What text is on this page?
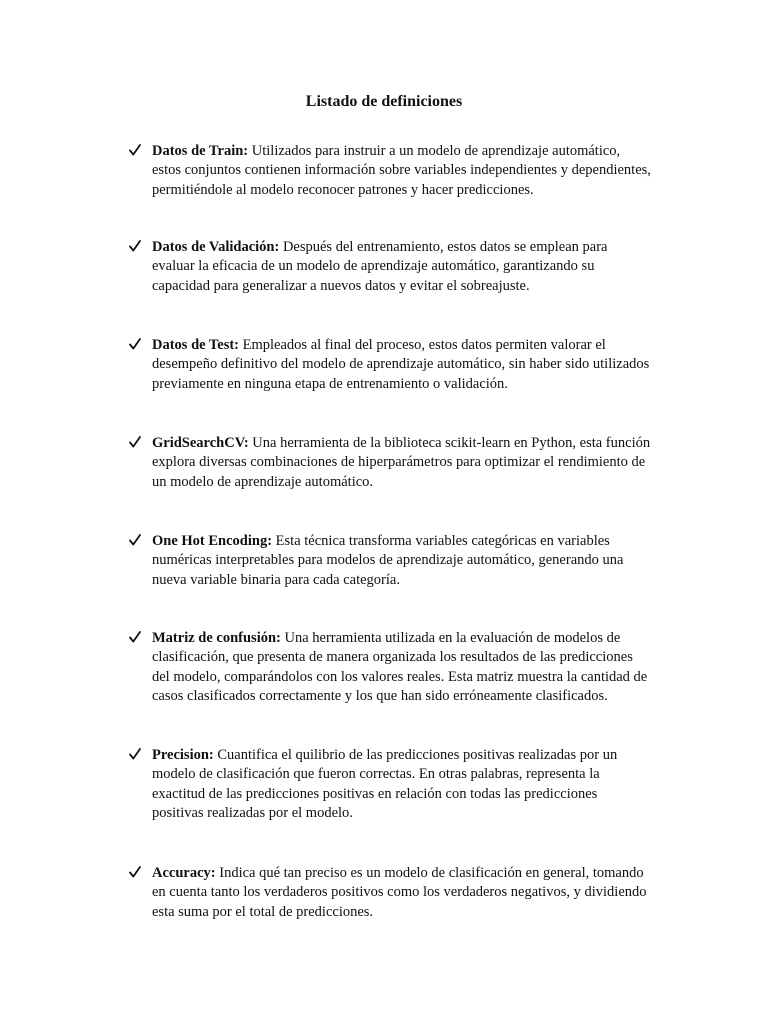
Listado de definiciones
Datos de Train: Utilizados para instruir a un modelo de aprendizaje automático, estos conjuntos contienen información sobre variables independientes y dependientes, permitiéndole al modelo reconocer patrones y hacer predicciones.
Datos de Validación: Después del entrenamiento, estos datos se emplean para evaluar la eficacia de un modelo de aprendizaje automático, garantizando su capacidad para generalizar a nuevos datos y evitar el sobreajuste.
Datos de Test: Empleados al final del proceso, estos datos permiten valorar el desempeño definitivo del modelo de aprendizaje automático, sin haber sido utilizados previamente en ninguna etapa de entrenamiento o validación.
GridSearchCV: Una herramienta de la biblioteca scikit-learn en Python, esta función explora diversas combinaciones de hiperparámetros para optimizar el rendimiento de un modelo de aprendizaje automático.
One Hot Encoding: Esta técnica transforma variables categóricas en variables numéricas interpretables para modelos de aprendizaje automático, generando una nueva variable binaria para cada categoría.
Matriz de confusión: Una herramienta utilizada en la evaluación de modelos de clasificación, que presenta de manera organizada los resultados de las predicciones del modelo, comparándolos con los valores reales. Esta matriz muestra la cantidad de casos clasificados correctamente y los que han sido erróneamente clasificados.
Precision: Cuantifica el quilibrio de las predicciones positivas realizadas por un modelo de clasificación que fueron correctas. En otras palabras, representa la exactitud de las predicciones positivas en relación con todas las predicciones positivas realizadas por el modelo.
Accuracy: Indica qué tan preciso es un modelo de clasificación en general, tomando en cuenta tanto los verdaderos positivos como los verdaderos negativos, y dividiendo esta suma por el total de predicciones.
